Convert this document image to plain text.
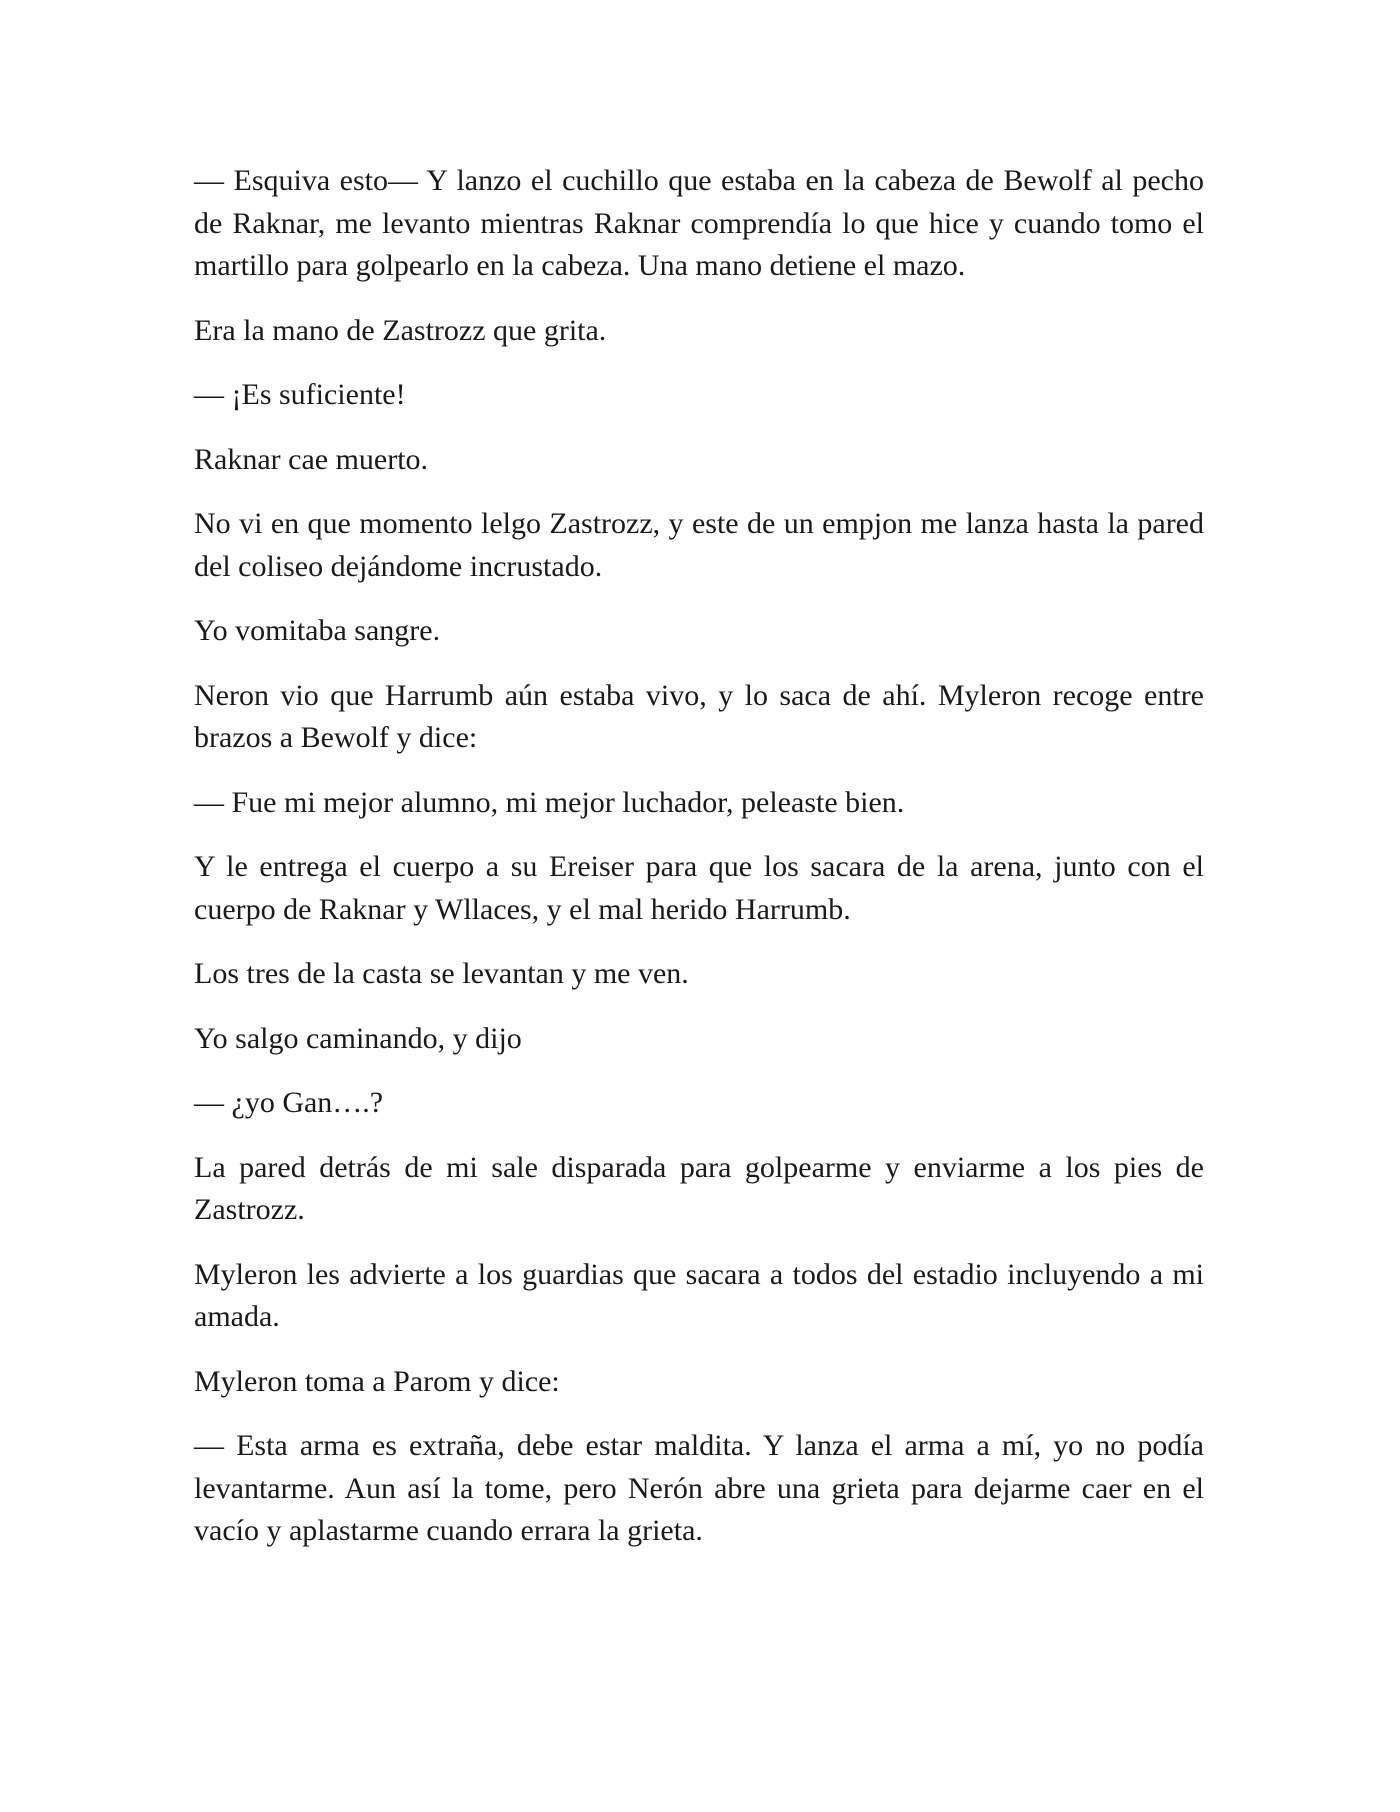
— Esquiva esto— Y lanzo el cuchillo que estaba en la cabeza de Bewolf al pecho de Raknar, me levanto mientras Raknar comprendía lo que hice y cuando tomo el martillo para golpearlo en la cabeza. Una mano detiene el mazo.

Era la mano de Zastrozz que grita.

— ¡Es suficiente!

Raknar cae muerto.

No vi en que momento lelgo Zastrozz, y este de un empjon me lanza hasta la pared del coliseo dejándome incrustado.

Yo vomitaba sangre.

Neron vio que Harrumb aún estaba vivo, y lo saca de ahí. Myleron recoge entre brazos a Bewolf y dice:

— Fue mi mejor alumno, mi mejor luchador, peleaste bien.

Y le entrega el cuerpo a su Ereiser para que los sacara de la arena, junto con el cuerpo de Raknar y Wllaces, y el mal herido Harrumb.

Los tres de la casta se levantan y me ven.

Yo salgo caminando, y dijo

— ¿yo Gan….?

La pared detrás de mi sale disparada para golpearme y enviarme a los pies de Zastrozz.

Myleron les advierte a los guardias que sacara a todos del estadio incluyendo a mi amada.

Myleron toma a Parom y dice:

— Esta arma es extraña, debe estar maldita. Y lanza el arma a mí, yo no podía levantarme. Aun así la tome, pero Nerón abre una grieta para dejarme caer en el vacío y aplastarme cuando errara la grieta.
